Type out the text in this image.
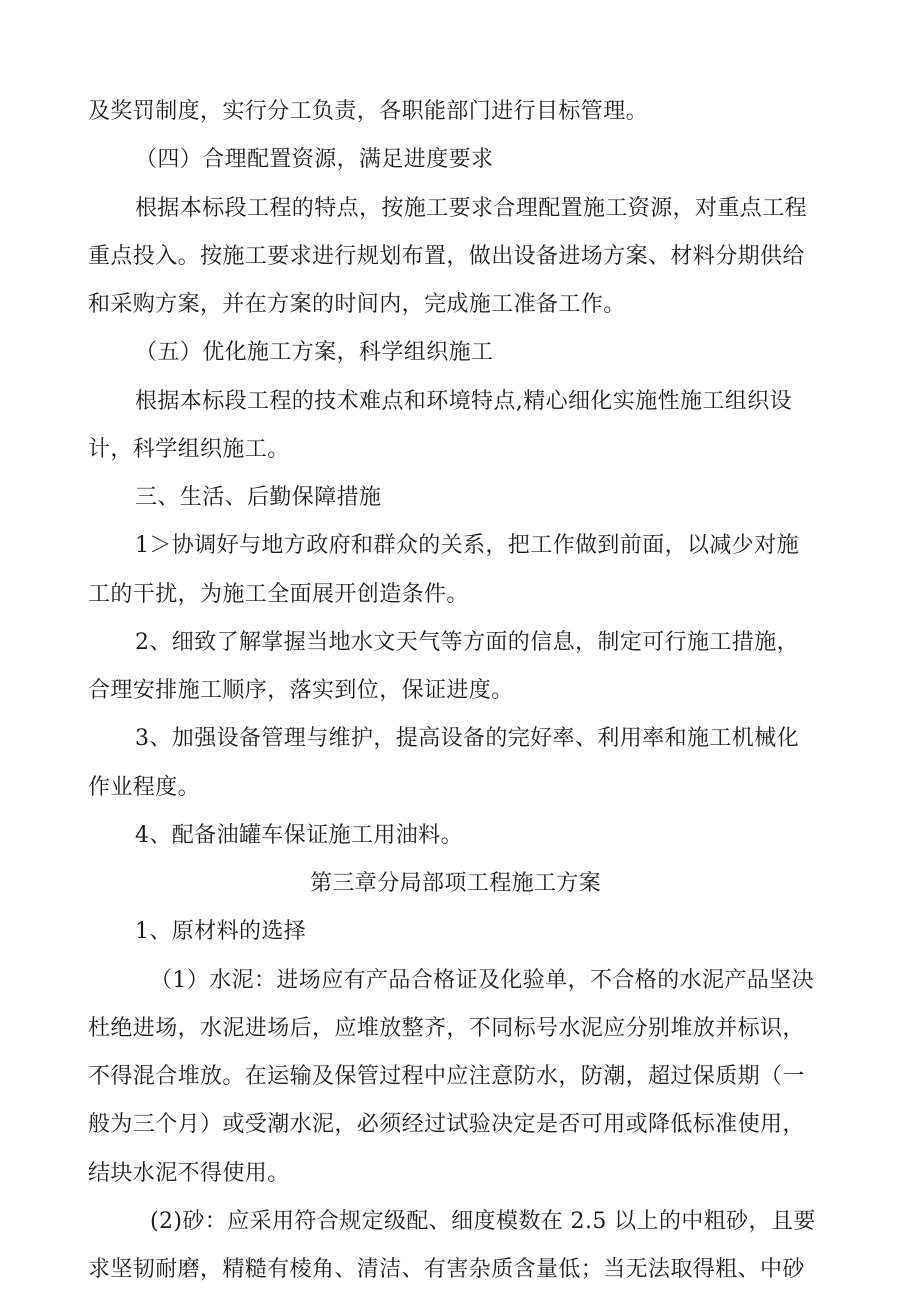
及奖罚制度，实行分工负责，各职能部门进行目标管理。
（四）合理配置资源，满足进度要求
根据本标段工程的特点，按施工要求合理配置施工资源，对重点工程
重点投入。按施工要求进行规划布置，做出设备进场方案、材料分期供给
和采购方案，并在方案的时间内，完成施工准备工作。
（五）优化施工方案，科学组织施工
根据本标段工程的技术难点和环境特点,精心细化实施性施工组织设
计，科学组织施工。
三、生活、后勤保障措施
1＞协调好与地方政府和群众的关系，把工作做到前面，以减少对施
工的干扰，为施工全面展开创造条件。
2、细致了解掌握当地水文天气等方面的信息，制定可行施工措施，
合理安排施工顺序，落实到位，保证进度。
3、加强设备管理与维护，提高设备的完好率、利用率和施工机械化
作业程度。
4、配备油罐车保证施工用油料。
第三章分局部项工程施工方案
1、原材料的选择
（1）水泥：进场应有产品合格证及化验单，不合格的水泥产品坚决
杜绝进场，水泥进场后，应堆放整齐，不同标号水泥应分别堆放并标识，
不得混合堆放。在运输及保管过程中应注意防水，防潮，超过保质期（一
般为三个月）或受潮水泥，必须经过试验决定是否可用或降低标准使用，
结块水泥不得使用。
(2)砂：应采用符合规定级配、细度模数在 2.5 以上的中粗砂，且要
求坚韧耐磨，精糙有棱角、清洁、有害杂质含量低；当无法取得粗、中砂
